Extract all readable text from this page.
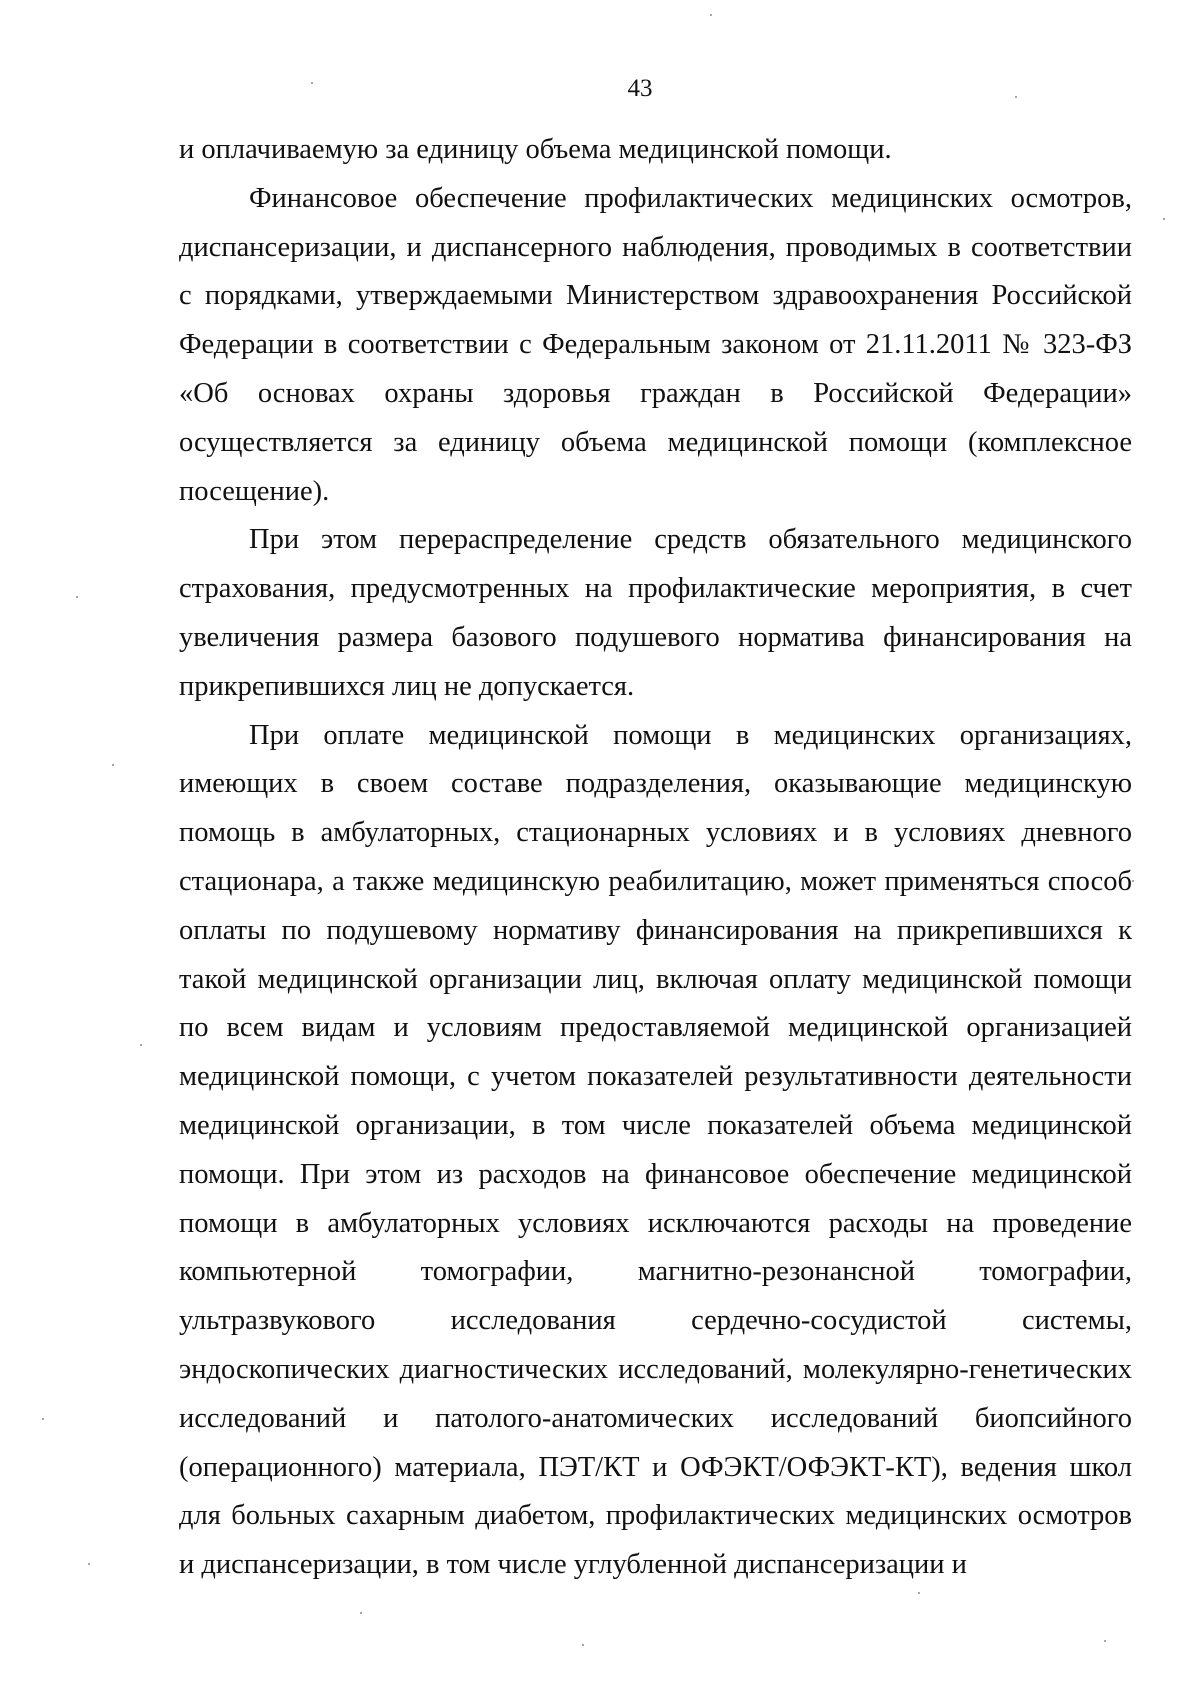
43

и оплачиваемую за единицу объема медицинской помощи.

Финансовое обеспечение профилактических медицинских осмотров, диспансеризации, и диспансерного наблюдения, проводимых в соответствии с порядками, утверждаемыми Министерством здравоохранения Российской Федерации в соответствии с Федеральным законом от 21.11.2011 № 323-ФЗ «Об основах охраны здоровья граждан в Российской Федерации» осуществляется за единицу объема медицинской помощи (комплексное посещение).

При этом перераспределение средств обязательного медицинского страхования, предусмотренных на профилактические мероприятия, в счет увеличения размера базового подушевого норматива финансирования на прикрепившихся лиц не допускается.

При оплате медицинской помощи в медицинских организациях, имеющих в своем составе подразделения, оказывающие медицинскую помощь в амбулаторных, стационарных условиях и в условиях дневного стационара, а также медицинскую реабилитацию, может применяться способ оплаты по подушевому нормативу финансирования на прикрепившихся к такой медицинской организации лиц, включая оплату медицинской помощи по всем видам и условиям предоставляемой медицинской организацией медицинской помощи, с учетом показателей результативности деятельности медицинской организации, в том числе показателей объема медицинской помощи. При этом из расходов на финансовое обеспечение медицинской помощи в амбулаторных условиях исключаются расходы на проведение компьютерной томографии, магнитно-резонансной томографии, ультразвукового исследования сердечно-сосудистой системы, эндоскопических диагностических исследований, молекулярно-генетических исследований и патолого-анатомических исследований биопсийного (операционного) материала, ПЭТ/КТ и ОФЭКТ/ОФЭКТ-КТ), ведения школ для больных сахарным диабетом, профилактических медицинских осмотров и диспансеризации, в том числе углубленной диспансеризации и
